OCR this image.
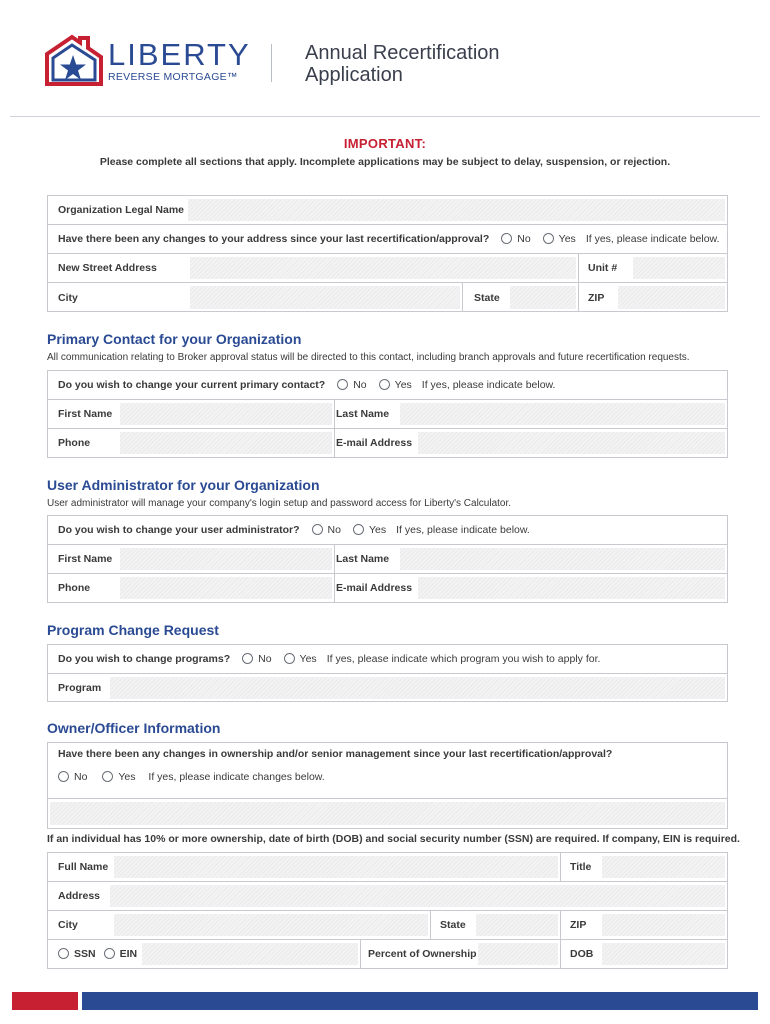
LIBERTY
REVERSE MORTGAGE™
Annual Recertification
Application
IMPORTANT:
Please complete all sections that apply. Incomplete applications may be subject to delay, suspension, or rejection.
Organization Legal Name
Have there been any changes to your address since your last recertification/approval?	No	Yes If yes, please indicate below.
New Street Address	Unit #
City	State	ZIP
Primary Contact for your Organization
All communication relating to Broker approval status will be directed to this contact, including branch approvals and future recertification requests.
Do you wish to change your current primary contact?	No	Yes If yes, please indicate below.
First Name	Last Name
Phone	E-mail Address
User Administrator for your Organization
User administrator will manage your company's login setup and password access for Liberty's Calculator.
Do you wish to change your user administrator?	No	Yes If yes, please indicate below.
First Name	Last Name
Phone	E-mail Address
Program Change Request
Do you wish to change programs?	No	Yes If yes, please indicate which program you wish to apply for.
Program
Owner/Officer Information
Have there been any changes in ownership and/or senior management since your last recertification/approval?
No	Yes If yes, please indicate changes below.
If an individual has 10% or more ownership, date of birth (DOB) and social security number (SSN) are required. If company, EIN is required.
Full Name	Title
Address
City	State	ZIP
SSN EIN	Percent of Ownership	DOB
